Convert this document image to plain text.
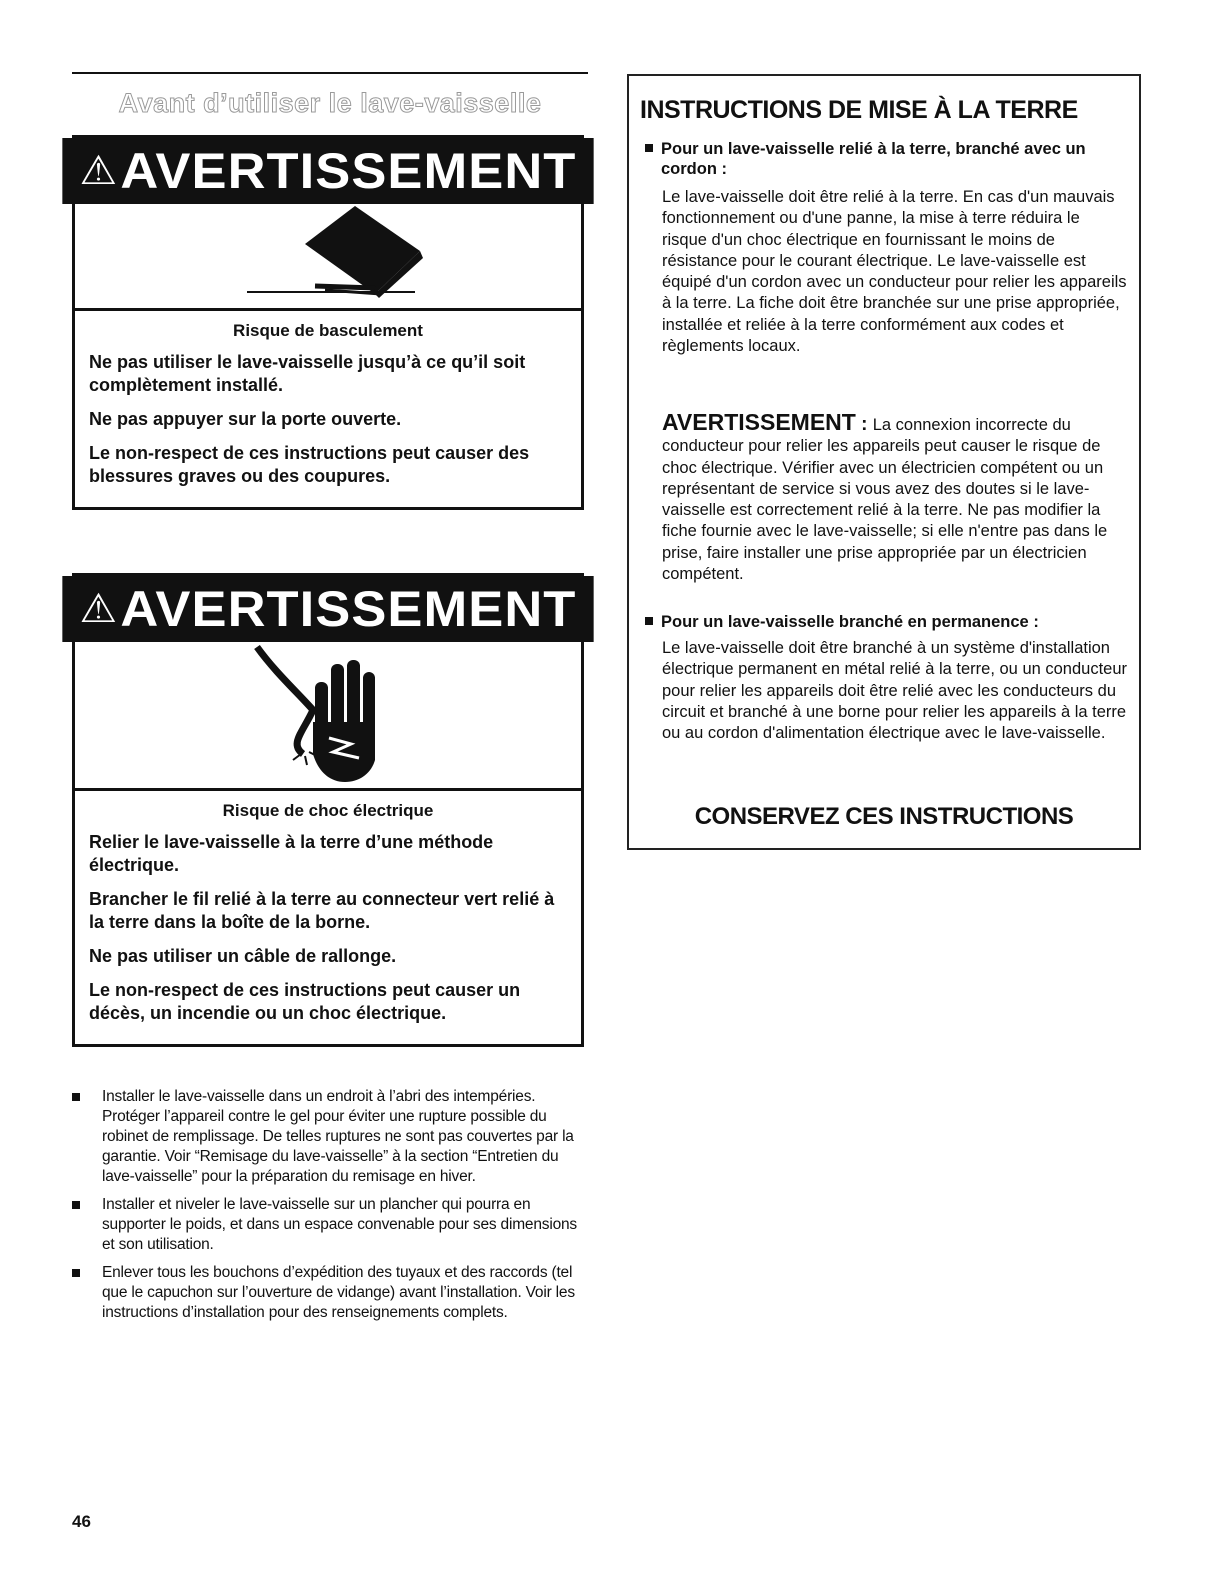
Avant d’utiliser le lave-vaisselle
⚠AVERTISSEMENT

Risque de basculement

Ne pas utiliser le lave-vaisselle jusqu’à ce qu’il soit complètement installé.

Ne pas appuyer sur la porte ouverte.

Le non-respect de ces instructions peut causer des blessures graves ou des coupures.

⚠AVERTISSEMENT

Risque de choc électrique

Relier le lave-vaisselle à la terre d’une méthode électrique.

Brancher le fil relié à la terre au connecteur vert relié à la terre dans la boîte de la borne.

Ne pas utiliser un câble de rallonge.

Le non-respect de ces instructions peut causer un décès, un incendie ou un choc électrique.

Installer le lave-vaisselle dans un endroit à l’abri des intempéries. Protéger l’appareil contre le gel pour éviter une rupture possible du robinet de remplissage. De telles ruptures ne sont pas couvertes par la garantie. Voir “Remisage du lave-vaisselle” à la section “Entretien du lave-vaisselle” pour la préparation du remisage en hiver.
Installer et niveler le lave-vaisselle sur un plancher qui pourra en supporter le poids, et dans un espace convenable pour ses dimensions et son utilisation.
Enlever tous les bouchons d’expédition des tuyaux et des raccords (tel que le capuchon sur l’ouverture de vidange) avant l’installation. Voir les instructions d’installation pour des renseignements complets.
46
INSTRUCTIONS DE MISE À LA TERRE
Pour un lave-vaisselle relié à la terre, branché avec un cordon :
Le lave-vaisselle doit être relié à la terre. En cas d'un mauvais fonctionnement ou d'une panne, la mise à terre réduira le risque d'un choc électrique en fournissant le moins de résistance pour le courant électrique. Le lave-vaisselle est équipé d'un cordon avec un conducteur pour relier les appareils à la terre. La fiche doit être branchée sur une prise appropriée, installée et reliée à la terre conformément aux codes et règlements locaux.
AVERTISSEMENT : La connexion incorrecte du conducteur pour relier les appareils peut causer le risque de choc électrique. Vérifier avec un électricien compétent ou un représentant de service si vous avez des doutes si le lave-vaisselle est correctement relié à la terre. Ne pas modifier la fiche fournie avec le lave-vaisselle; si elle n'entre pas dans le prise, faire installer une prise appropriée par un électricien compétent.
Pour un lave-vaisselle branché en permanence :
Le lave-vaisselle doit être branché à un système d'installation électrique permanent en métal relié à la terre, ou un conducteur pour relier les appareils doit être relié avec les conducteurs du circuit et branché à une borne pour relier les appareils à la terre ou au cordon d'alimentation électrique avec le lave-vaisselle.
CONSERVEZ CES INSTRUCTIONS
